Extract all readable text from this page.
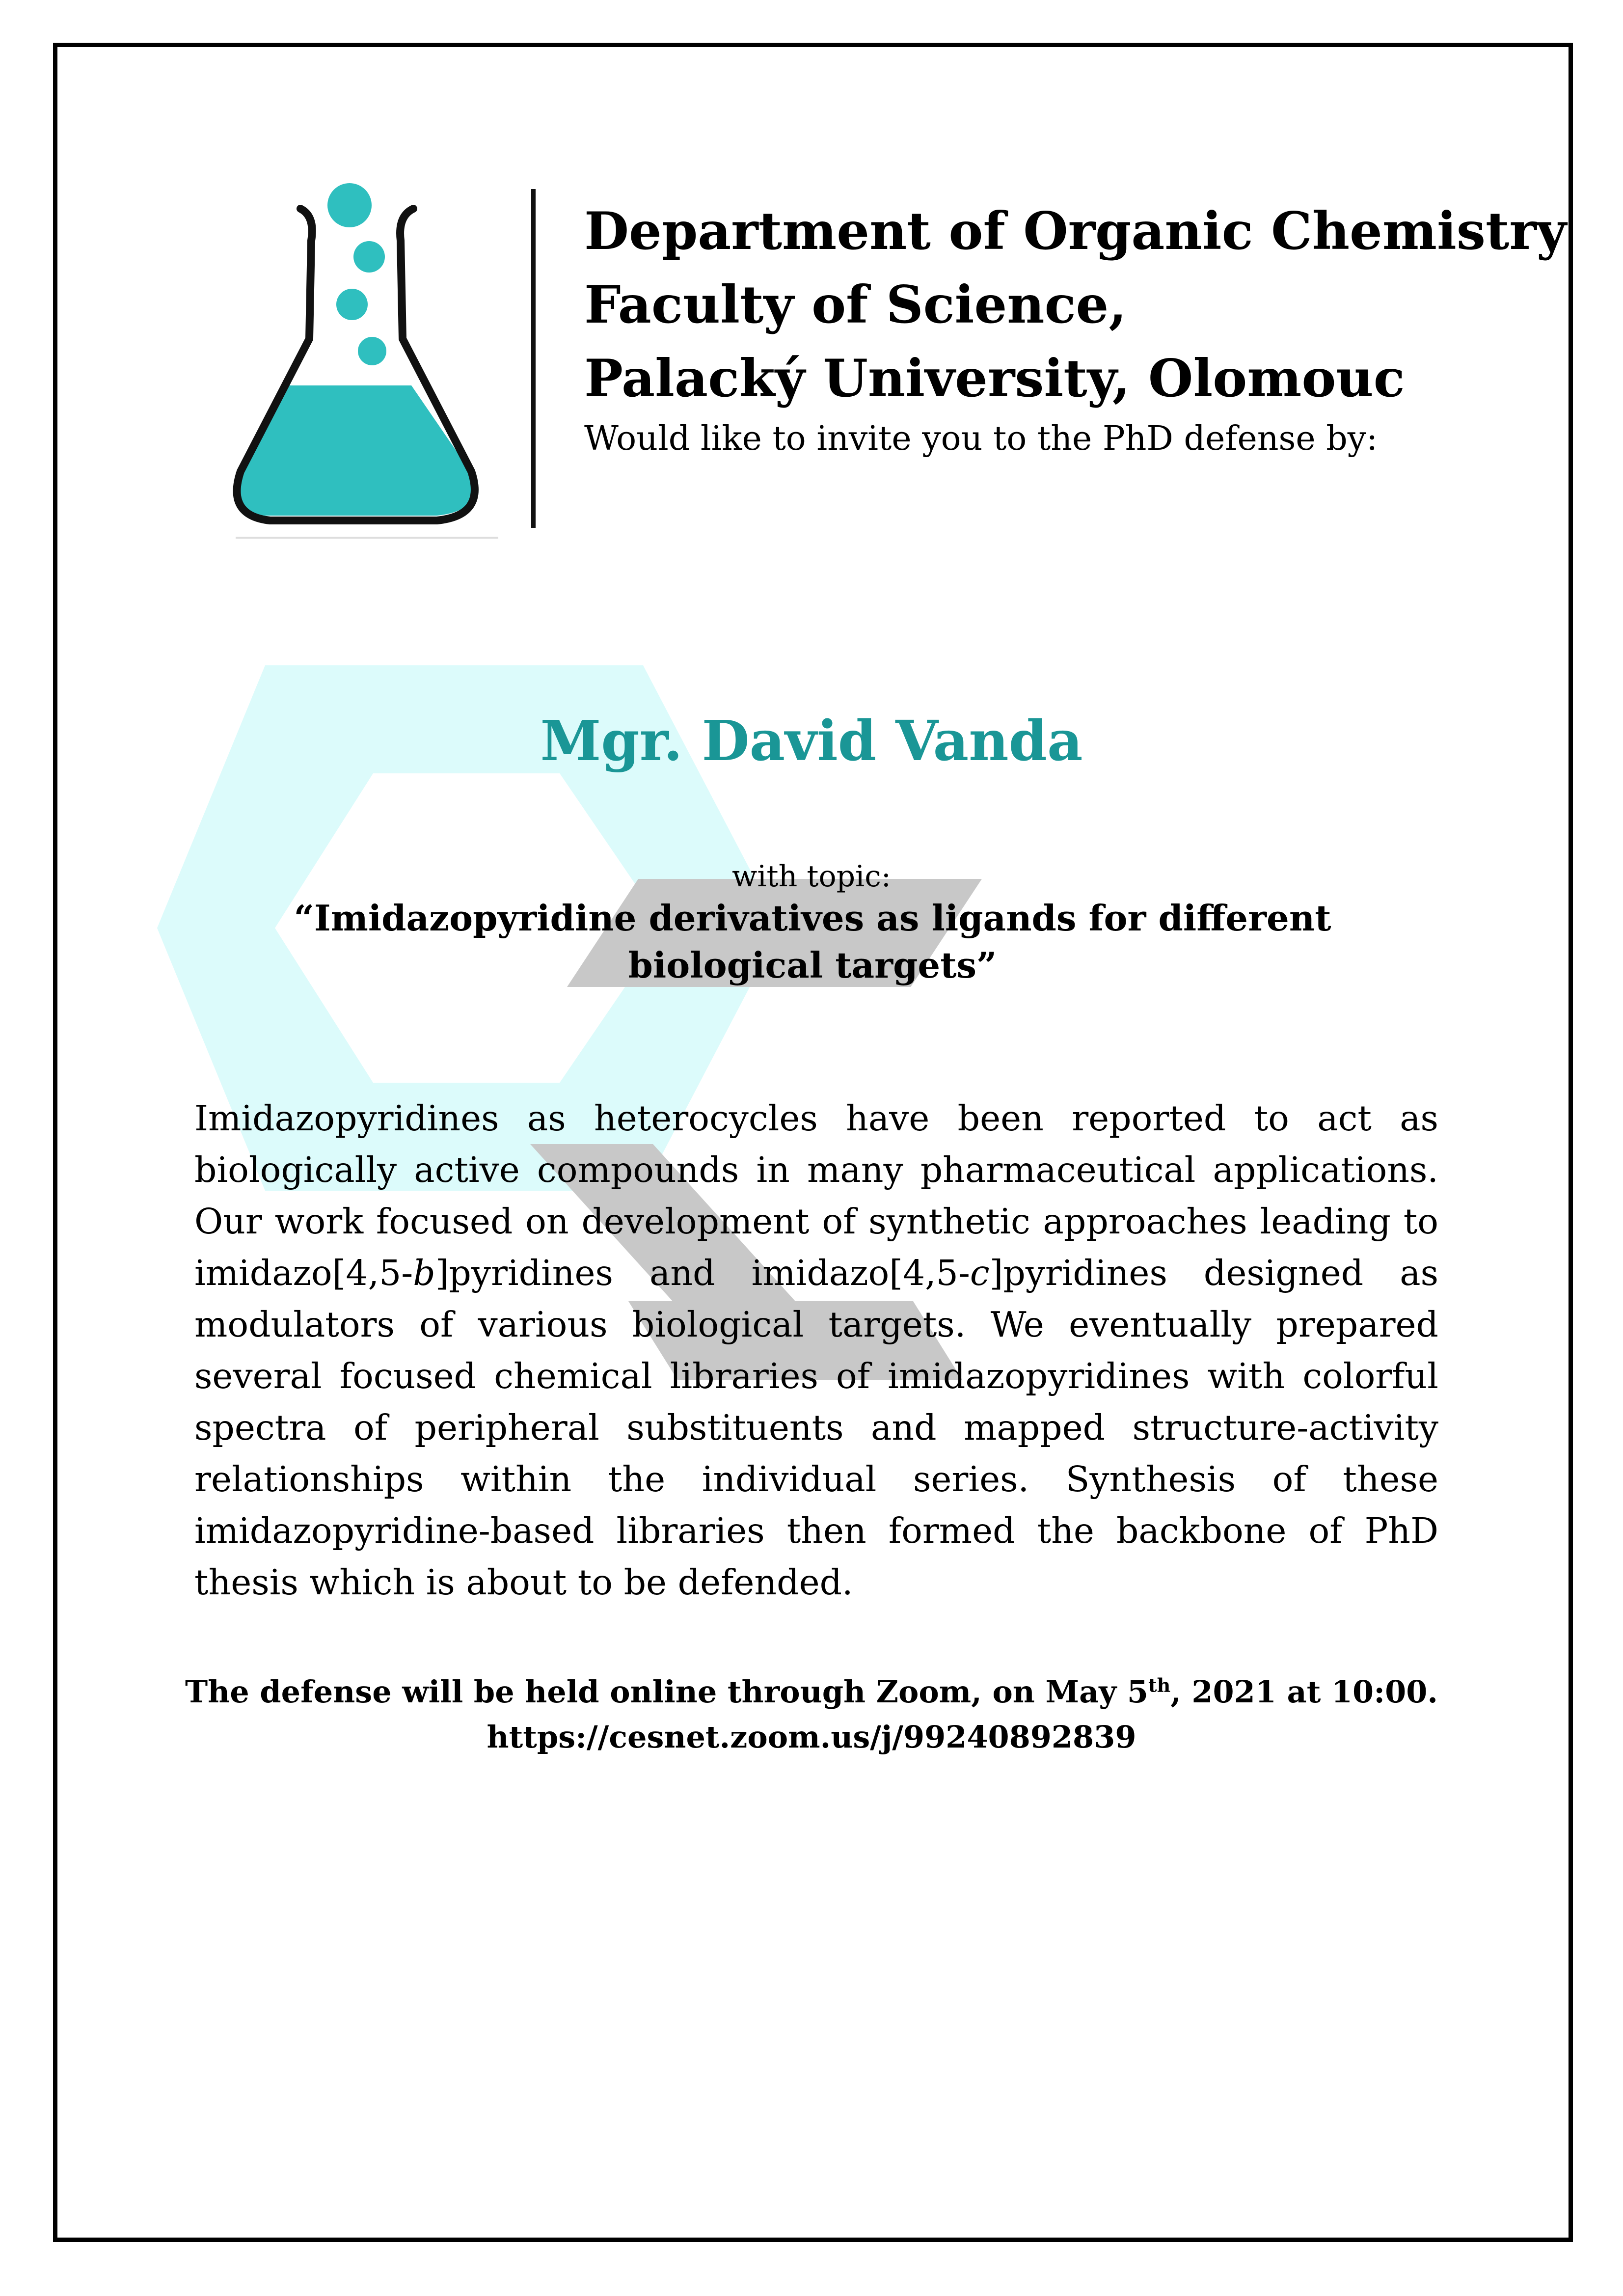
Department of Organic Chemistry
Faculty of Science,
Palacký University, Olomouc
Would like to invite you to the PhD defense by:
Mgr. David Vanda
with topic:
“Imidazopyridine derivatives as ligands for different biological targets”
Imidazopyridines as heterocycles have been reported to act as biologically active compounds in many pharmaceutical applications. Our work focused on development of synthetic approaches leading to imidazo[4,5-b]pyridines and imidazo[4,5-c]pyridines designed as modulators of various biological targets. We eventually prepared several focused chemical libraries of imidazopyridines with colorful spectra of peripheral substituents and mapped structure-activity relationships within the individual series. Synthesis of these imidazopyridine-based libraries then formed the backbone of PhD thesis which is about to be defended.
The defense will be held online through Zoom, on May 5th, 2021 at 10:00.
https://cesnet.zoom.us/j/99240892839
